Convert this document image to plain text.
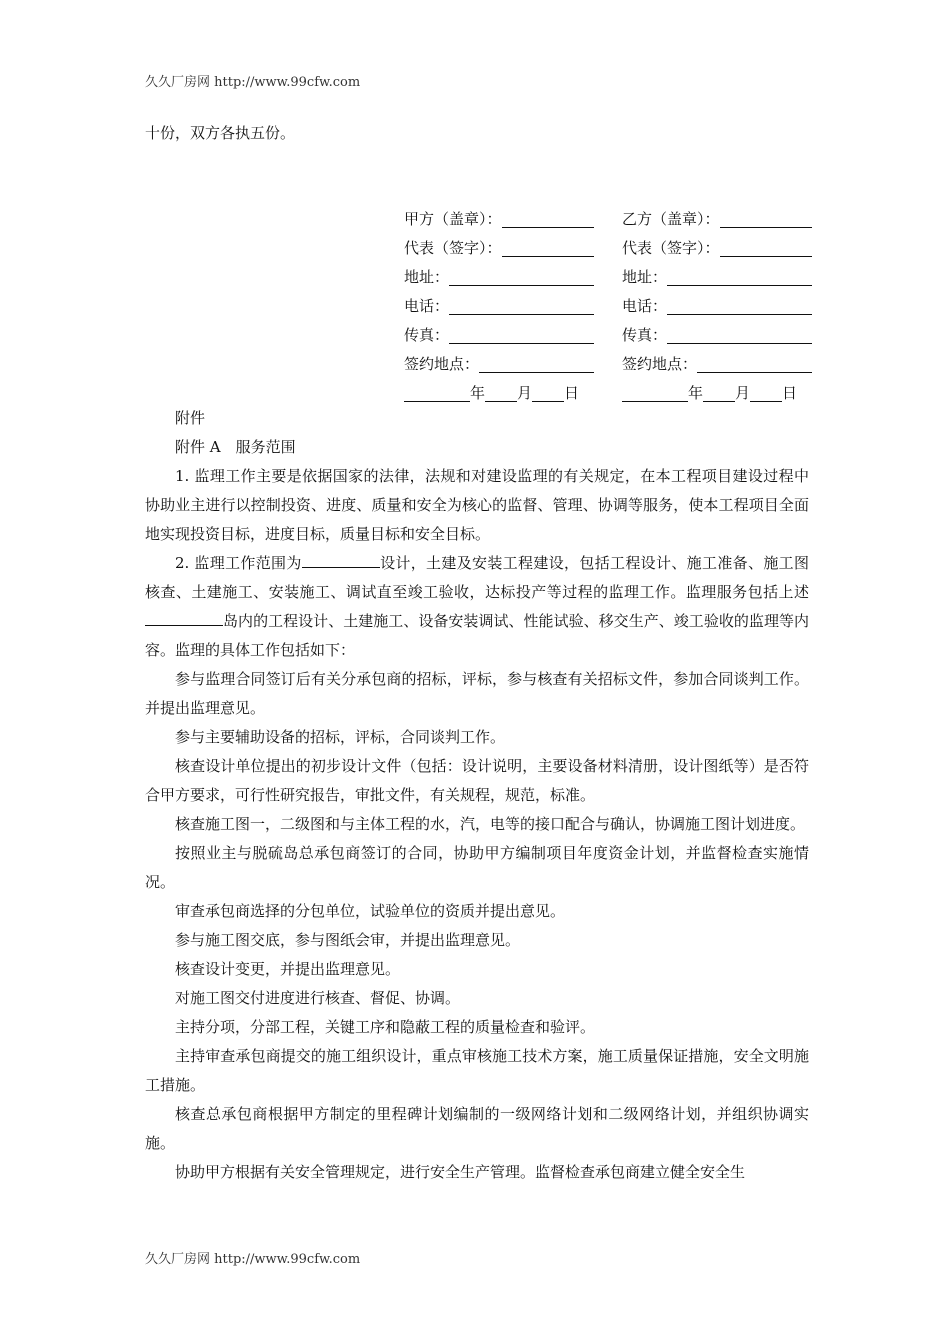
久久厂房网 http://www.99cfw.com
十份，双方各执五份。
甲方（盖章）：
代表（签字）：
地址：
电话：
传真：
签约地点：
年 月 日
乙方（盖章）：
代表（签字）：
地址：
电话：
传真：
签约地点：
年 月 日

附件

附件 A　服务范围

1. 监理工作主要是依据国家的法律，法规和对建设监理的有关规定，在本工程项目建设过程中协助业主进行以控制投资、进度、质量和安全为核心的监督、管理、协调等服务，使本工程项目全面地实现投资目标，进度目标，质量目标和安全目标。

2. 监理工作范围为	设计，土建及安装工程建设，包括工程设计、施工准备、施工图核查、土建施工、安装施工、调试直至竣工验收，达标投产等过程的监理工作。监理服务包括上述岛内的工程设计、土建施工、设备安装调试、性能试验、移交生产、竣工验收的监理等内容。监理的具体工作包括如下：

参与监理合同签订后有关分承包商的招标，评标，参与核查有关招标文件，参加合同谈判工作。并提出监理意见。

参与主要辅助设备的招标，评标，合同谈判工作。

核查设计单位提出的初步设计文件（包括：设计说明，主要设备材料清册，设计图纸等）是否符合甲方要求，可行性研究报告，审批文件，有关规程，规范，标准。

核查施工图一，二级图和与主体工程的水，汽，电等的接口配合与确认，协调施工图计划进度。

按照业主与脱硫岛总承包商签订的合同，协助甲方编制项目年度资金计划，并监督检查实施情况。

审查承包商选择的分包单位，试验单位的资质并提出意见。

参与施工图交底，参与图纸会审，并提出监理意见。

核查设计变更，并提出监理意见。

对施工图交付进度进行核查、督促、协调。

主持分项，分部工程，关键工序和隐蔽工程的质量检查和验评。

主持审查承包商提交的施工组织设计，重点审核施工技术方案，施工质量保证措施，安全文明施工措施。

核查总承包商根据甲方制定的里程碑计划编制的一级网络计划和二级网络计划，并组织协调实施。

协助甲方根据有关安全管理规定，进行安全生产管理。监督检查承包商建立健全安全生

久久厂房网 http://www.99cfw.com
